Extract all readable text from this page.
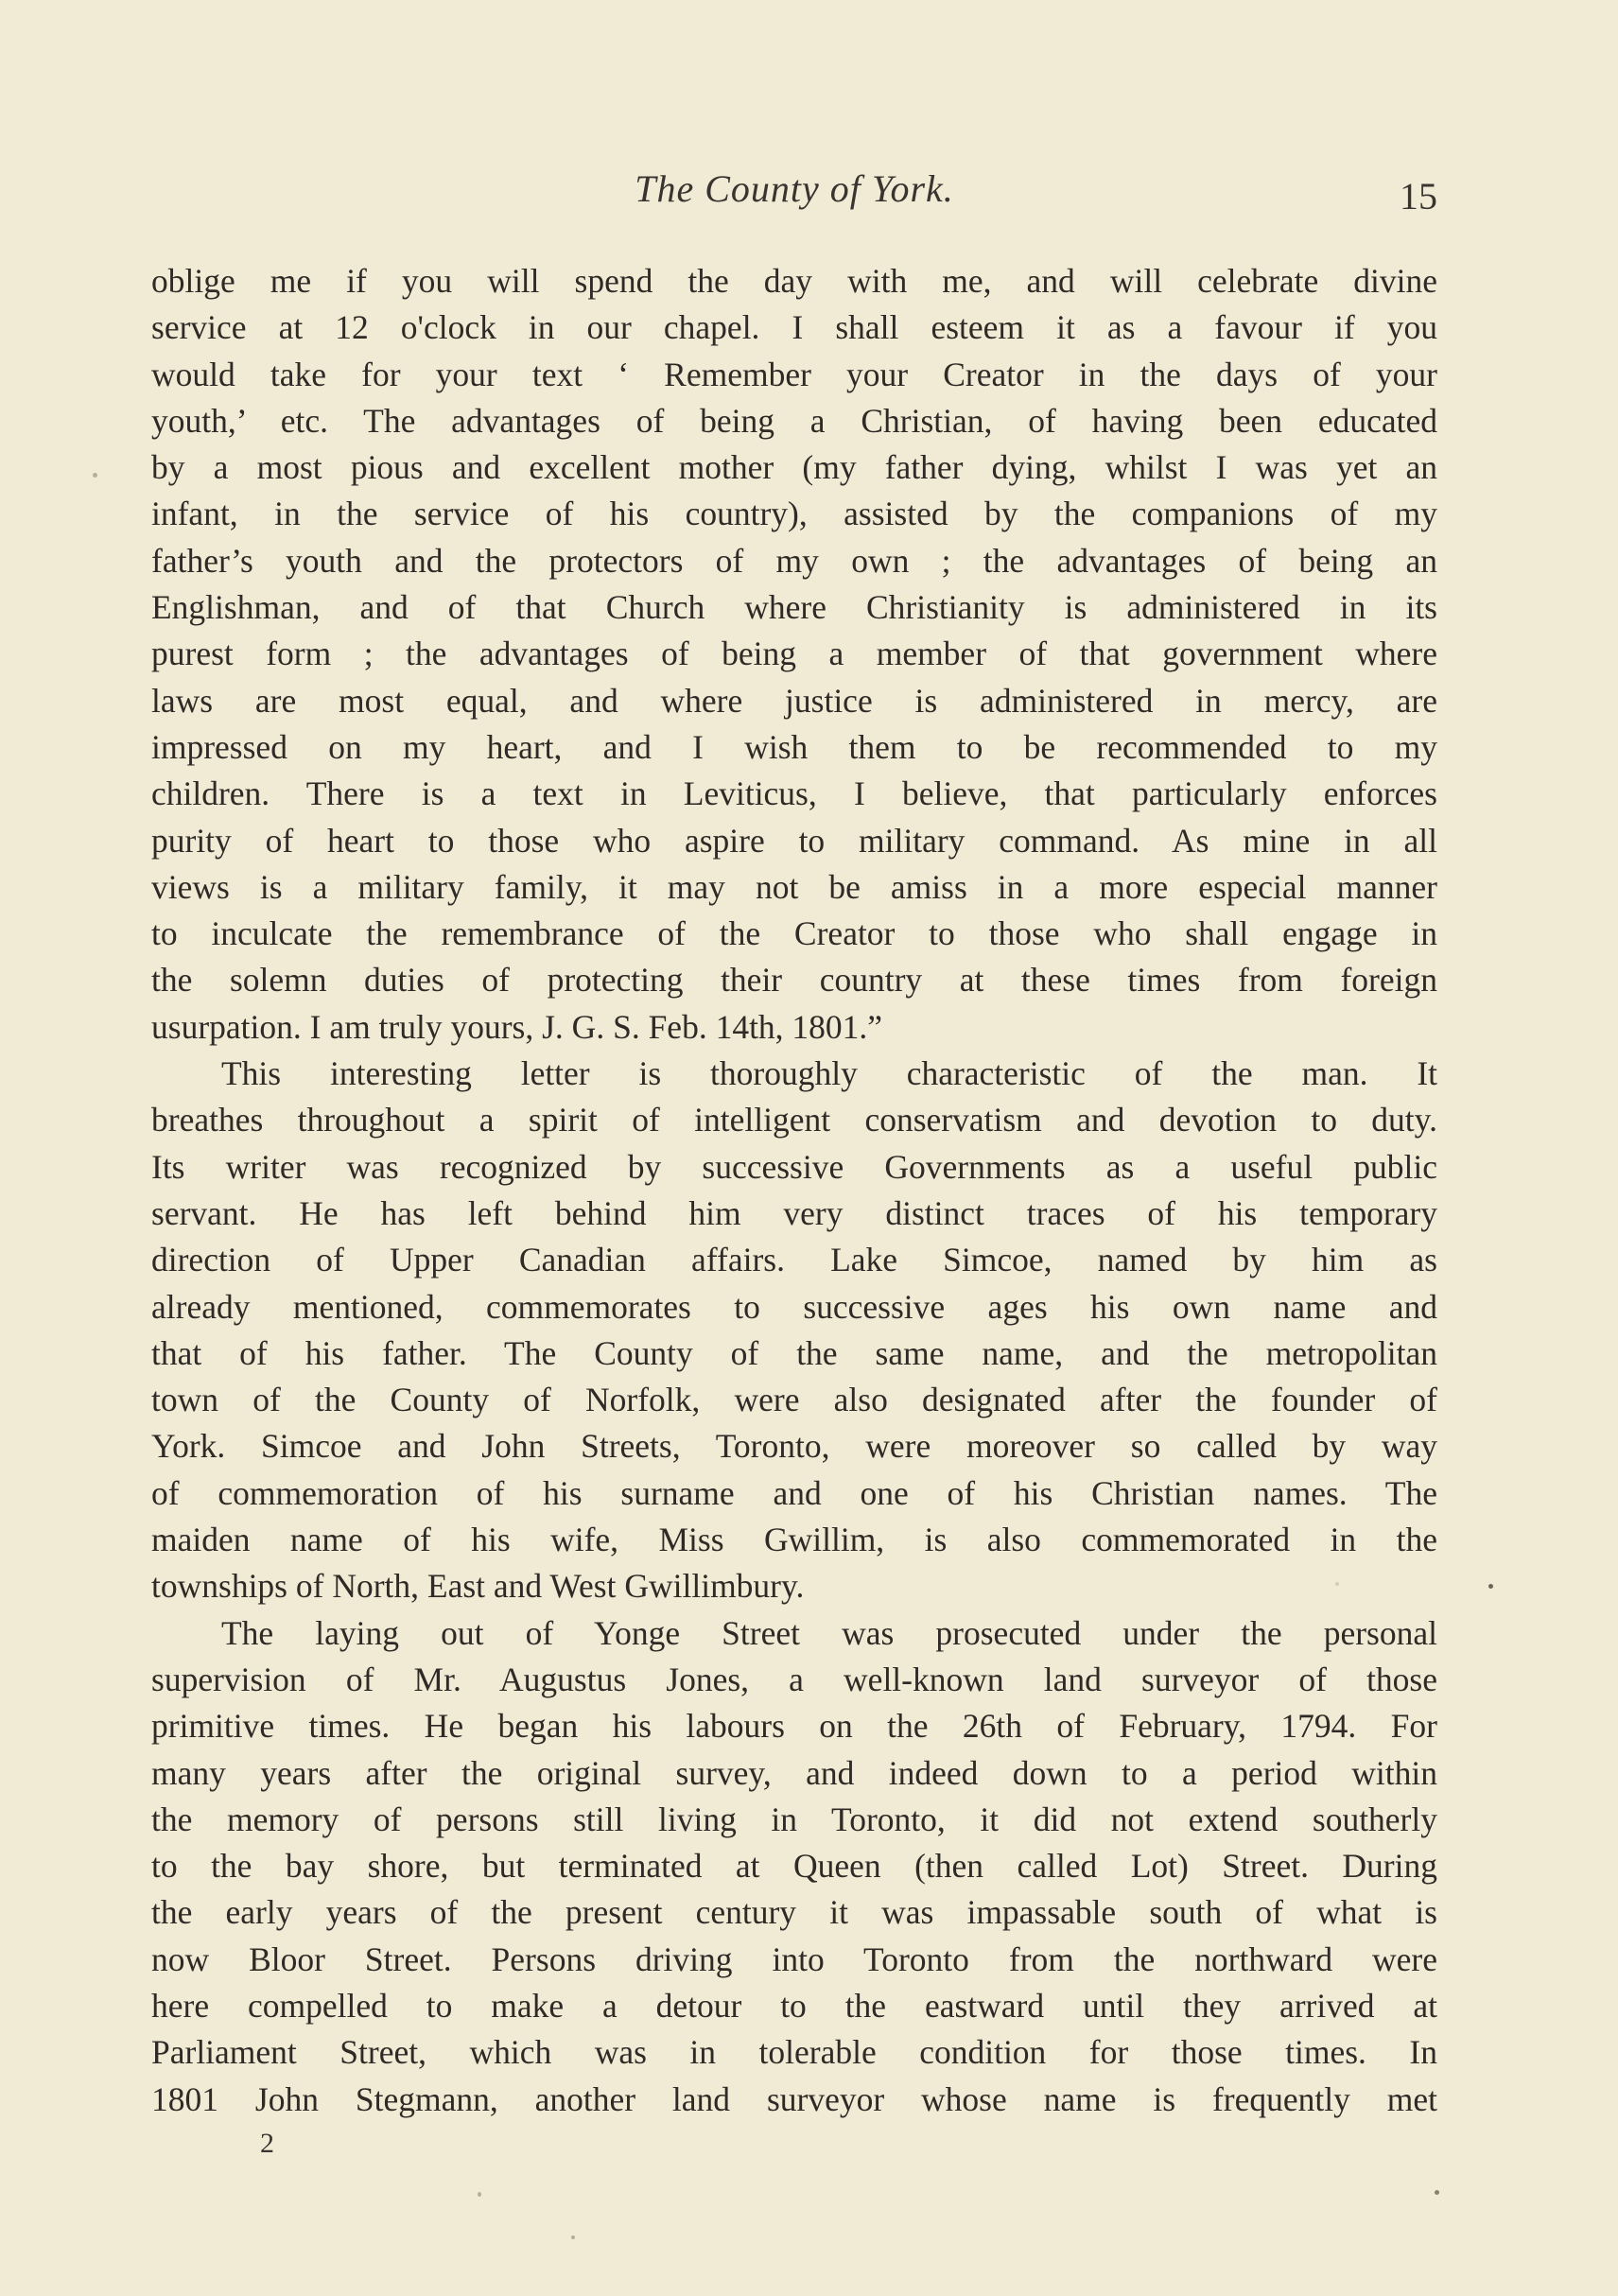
The County of York.	15
oblige me if you will spend the day with me, and will celebrate divine
service at 12 o'clock in our chapel. I shall esteem it as a favour if you
would take for your text ‘ Remember your Creator in the days of your
youth,’ etc. The advantages of being a Christian, of having been educated
by a most pious and excellent mother (my father dying, whilst I was yet an
infant, in the service of his country), assisted by the companions of my
father’s youth and the protectors of my own ; the advantages of being an
Englishman, and of that Church where Christianity is administered in its
purest form ; the advantages of being a member of that government where
laws are most equal, and where justice is administered in mercy, are
impressed on my heart, and I wish them to be recommended to my
children. There is a text in Leviticus, I believe, that particularly enforces
purity of heart to those who aspire to military command. As mine in all
views is a military family, it may not be amiss in a more especial manner
to inculcate the remembrance of the Creator to those who shall engage in
the solemn duties of protecting their country at these times from foreign
usurpation. I am truly yours, J. G. S. Feb. 14th, 1801.”
This interesting letter is thoroughly characteristic of the man. It
breathes throughout a spirit of intelligent conservatism and devotion to duty.
Its writer was recognized by successive Governments as a useful public
servant. He has left behind him very distinct traces of his temporary
direction of Upper Canadian affairs. Lake Simcoe, named by him as
already mentioned, commemorates to successive ages his own name and
that of his father. The County of the same name, and the metropolitan
town of the County of Norfolk, were also designated after the founder of
York. Simcoe and John Streets, Toronto, were moreover so called by way
of commemoration of his surname and one of his Christian names. The
maiden name of his wife, Miss Gwillim, is also commemorated in the
townships of North, East and West Gwillimbury.
The laying out of Yonge Street was prosecuted under the personal
supervision of Mr. Augustus Jones, a well-known land surveyor of those
primitive times. He began his labours on the 26th of February, 1794. For
many years after the original survey, and indeed down to a period within
the memory of persons still living in Toronto, it did not extend southerly
to the bay shore, but terminated at Queen (then called Lot) Street. During
the early years of the present century it was impassable south of what is
now Bloor Street. Persons driving into Toronto from the northward were
here compelled to make a detour to the eastward until they arrived at
Parliament Street, which was in tolerable condition for those times. In
1801 John Stegmann, another land surveyor whose name is frequently met
2
